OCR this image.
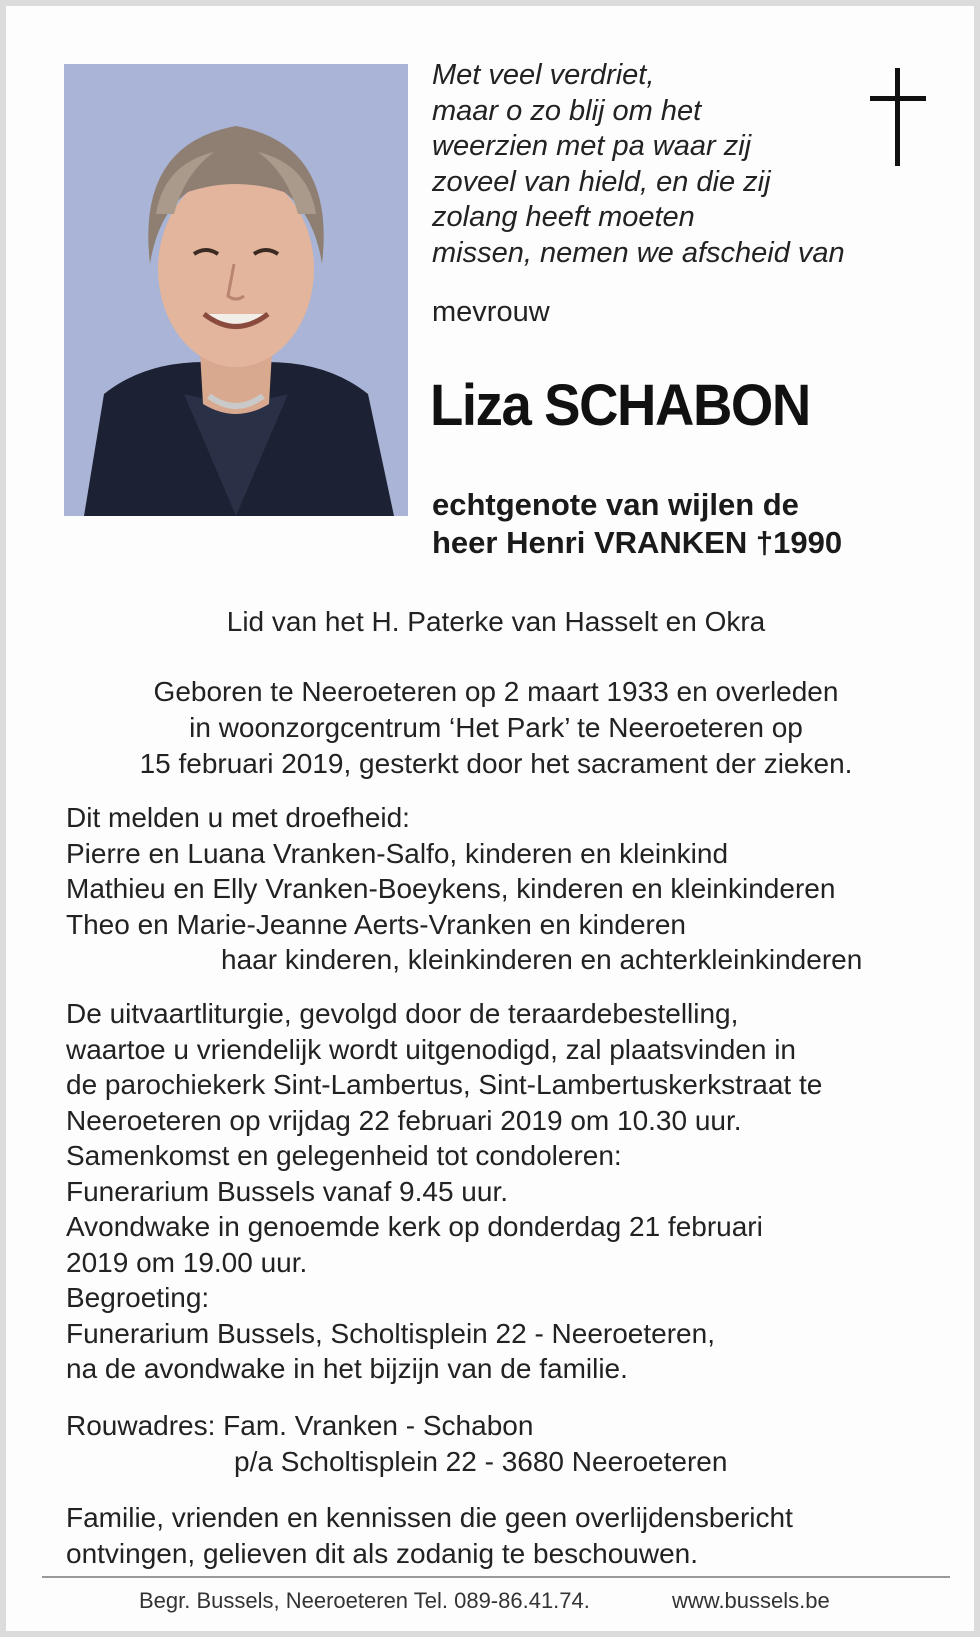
Met veel verdriet,
maar o zo blij om het
weerzien met pa waar zij
zoveel van hield, en die zij
zolang heeft moeten
missen, nemen we afscheid van
mevrouw
Liza SCHABON
echtgenote van wijlen de
heer Henri VRANKEN †1990
Lid van het H. Paterke van Hasselt en Okra
Geboren te Neeroeteren op 2 maart 1933 en overleden
in woonzorgcentrum ‘Het Park’ te Neeroeteren op
15 februari 2019, gesterkt door het sacrament der zieken.
Dit melden u met droefheid:
Pierre en Luana Vranken-Salfo, kinderen en kleinkind
Mathieu en Elly Vranken-Boeykens, kinderen en kleinkinderen
Theo en Marie-Jeanne Aerts-Vranken en kinderen
haar kinderen, kleinkinderen en achterkleinkinderen
De uitvaartliturgie, gevolgd door de teraardebestelling,
waartoe u vriendelijk wordt uitgenodigd, zal plaatsvinden in
de parochiekerk Sint-Lambertus, Sint-Lambertuskerkstraat te
Neeroeteren op vrijdag 22 februari 2019 om 10.30 uur.
Samenkomst en gelegenheid tot condoleren:
Funerarium Bussels vanaf 9.45 uur.
Avondwake in genoemde kerk op donderdag 21 februari
2019 om 19.00 uur.
Begroeting:
Funerarium Bussels, Scholtisplein 22 - Neeroeteren,
na de avondwake in het bijzijn van de familie.
Rouwadres: Fam. Vranken - Schabon
p/a Scholtisplein 22 - 3680 Neeroeteren
Familie, vrienden en kennissen die geen overlijdensbericht
ontvingen, gelieven dit als zodanig te beschouwen.
Begr. Bussels, Neeroeteren Tel. 089-86.41.74.	www.bussels.be
